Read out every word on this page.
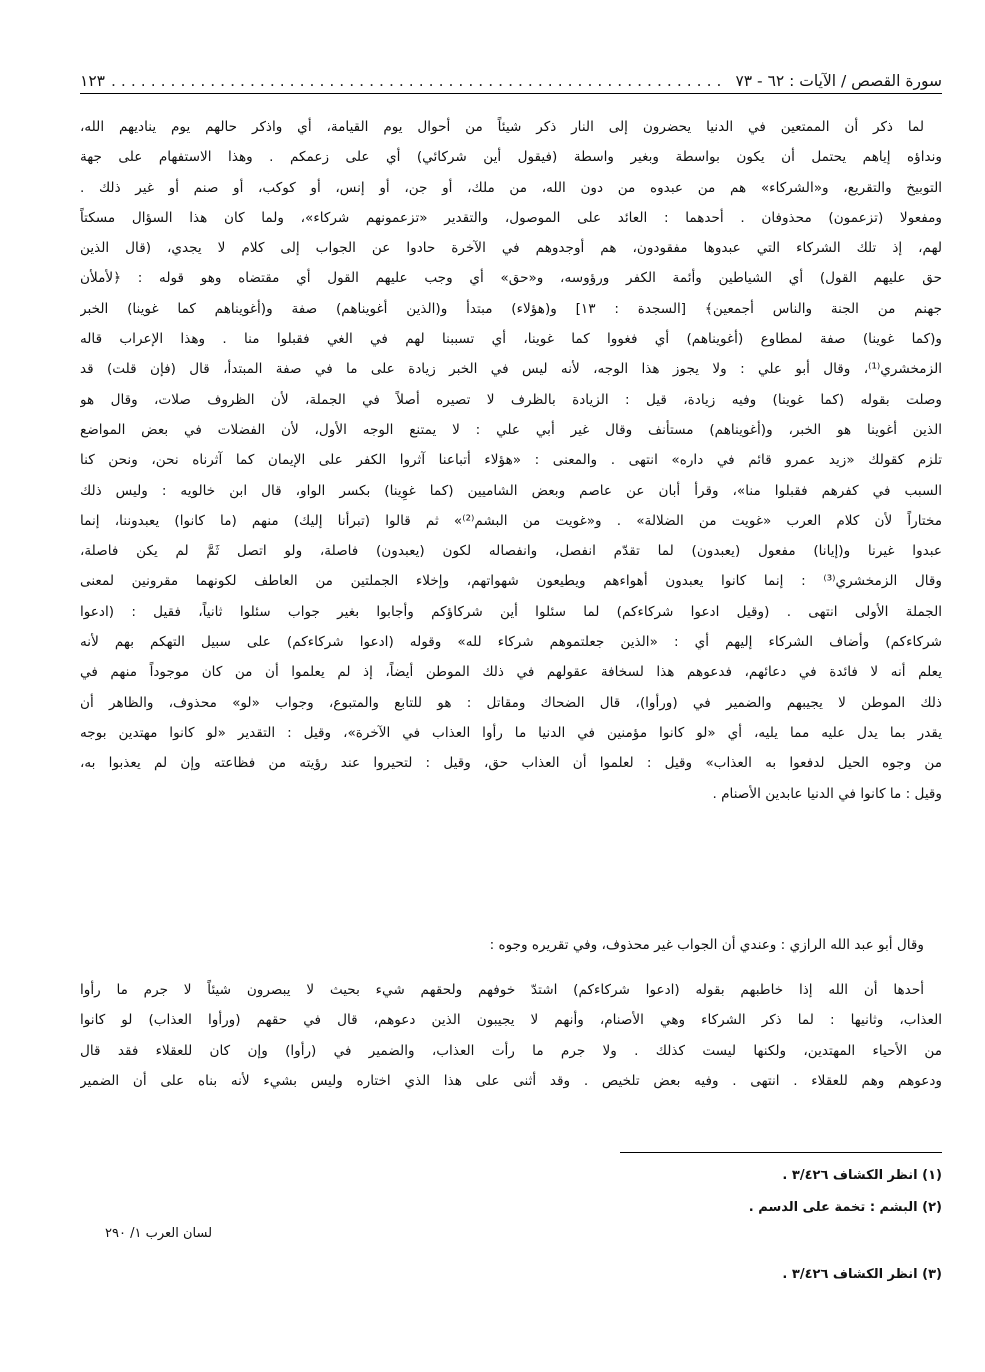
سورة القصص / الآيات : ٦٢ - ٧٣
..............................................................
١٢٣
لما ذكر أن الممتعين في الدنيا يحضرون إلى النار ذكر شيئاً من أحوال يوم القيامة، أي واذكر حالهم يوم يناديهم الله،
ونداؤه إياهم يحتمل أن يكون بواسطة وبغير واسطة (فيقول أين شركائي) أي على زعمكم . وهذا الاستفهام على جهة
التوبيخ والتقريع، و«الشركاء» هم من عبدوه من دون الله، من ملك، أو جن، أو إنس، أو كوكب، أو صنم أو غير ذلك .
ومفعولا (تزعمون) محذوفان . أحدهما : العائد على الموصول، والتقدير «تزعمونهم شركاء»، ولما كان هذا السؤال مسكتاً
لهم، إذ تلك الشركاء التي عبدوها مفقودون، هم أوجدوهم في الآخرة حادوا عن الجواب إلى كلام لا يجدي، (قال الذين
حق عليهم القول) أي الشياطين وأئمة الكفر ورؤوسه، و«حق» أي وجب عليهم القول أي مقتضاه وهو قوله : ﴿لأملأن
جهنم من الجنة والناس أجمعين﴾ [السجدة : ١٣] و(هؤلاء) مبتدأ و(الذين أغويناهم) صفة و(أغويناهم كما غوينا) الخبر
و(كما غوينا) صفة لمطاوع (أغويناهم) أي فغووا كما غوينا، أي تسببنا لهم في الغي فقبلوا منا . وهذا الإعراب قاله
الزمخشري⁽¹⁾، وقال أبو علي : ولا يجوز هذا الوجه، لأنه ليس في الخبر زيادة على ما في صفة المبتدأ، قال (فإن قلت) قد
وصلت بقوله (كما غوينا) وفيه زيادة، قيل : الزيادة بالظرف لا تصيره أصلاً في الجملة، لأن الظروف صلات، وقال هو
الذين أغوينا هو الخبر، و(أغويناهم) مستأنف وقال غير أبي علي : لا يمتنع الوجه الأول، لأن الفضلات في بعض المواضع
تلزم كقولك «زيد عمرو قائم في داره» انتهى . والمعنى : «هؤلاء أتباعنا آثروا الكفر على الإيمان كما آثرناه نحن، ونحن كنا
السبب في كفرهم فقبلوا منا»، وقرأ أبان عن عاصم وبعض الشاميين (كما غوِينا) بكسر الواو، قال ابن خالويه : وليس ذلك
مختاراً لأن كلام العرب «غويت من الضلالة» . و«غويت من البشم⁽²⁾» ثم قالوا (تبرأنا إليك) منهم (ما كانوا) يعبدوننا، إنما
عبدوا غيرنا و(إيانا) مفعول (يعبدون) لما تقدّم انفصل، وانفصاله لكون (يعبدون) فاصلة، ولو اتصل ثَمَّ لم يكن فاصلة،
وقال الزمخشري⁽³⁾ : إنما كانوا يعبدون أهواءهم ويطيعون شهواتهم، وإخلاء الجملتين من العاطف لكونهما مقرونين لمعنى
الجملة الأولى انتهى . (وقيل ادعوا شركاءكم) لما سئلوا أين شركاؤكم وأجابوا بغير جواب سئلوا ثانياً، فقيل : (ادعوا
شركاءكم) وأضاف الشركاء إليهم أي : «الذين جعلتموهم شركاء لله» وقوله (ادعوا شركاءكم) على سبيل التهكم بهم لأنه
يعلم أنه لا فائدة في دعائهم، فدعوهم هذا لسخافة عقولهم في ذلك الموطن أيضاً، إذ لم يعلموا أن من كان موجوداً منهم في
ذلك الموطن لا يجيبهم والضمير في (ورأوا)، قال الضحاك ومقاتل : هو للتابع والمتبوع، وجواب «لو» محذوف، والظاهر أن
يقدر بما يدل عليه مما يليه، أي «لو كانوا مؤمنين في الدنيا ما رأوا العذاب في الآخرة»، وقيل : التقدير «لو كانوا مهتدين بوجه
من وجوه الحيل لدفعوا به العذاب» وقيل : لعلموا أن العذاب حق، وقيل : لتحيروا عند رؤيته من فظاعته وإن لم يعذبوا به،
وقيل : ما كانوا في الدنيا عابدين الأصنام .
وقال أبو عبد الله الرازي : وعندي أن الجواب غير محذوف، وفي تقريره وجوه :
أحدها أن الله إذا خاطبهم بقوله (ادعوا شركاءكم) اشتدّ خوفهم ولحقهم شيء بحيث لا يبصرون شيئاً لا جرم ما رأوا
العذاب، وثانيها : لما ذكر الشركاء وهي الأصنام، وأنهم لا يجيبون الذين دعوهم، قال في حقهم (ورأوا العذاب) لو كانوا
من الأحياء المهتدين، ولكنها ليست كذلك . ولا جرم ما رأت العذاب، والضمير في (رأوا) وإن كان للعقلاء فقد قال
ودعوهم وهم للعقلاء . انتهى . وفيه بعض تلخيص . وقد أثنى على هذا الذي اختاره وليس بشيء لأنه بناه على أن الضمير
(١) انظر الكشاف ٣/٤٢٦ .
(٢) البشم : تخمة على الدسم .
لسان العرب ١/ ٢٩٠
(٣) انظر الكشاف ٣/٤٢٦ .
